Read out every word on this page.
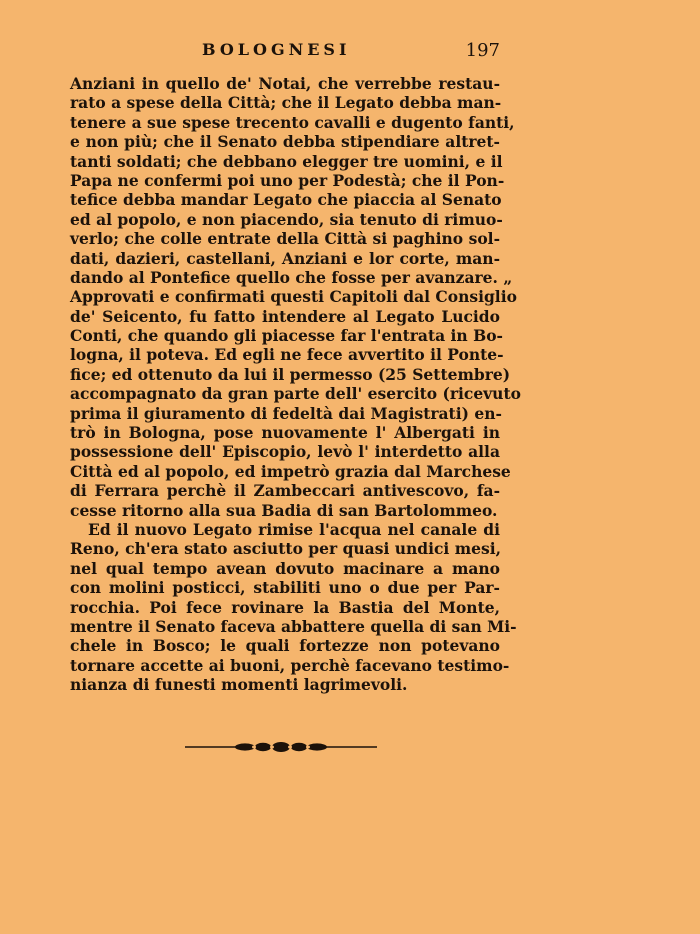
BOLOGNESI	197
Anziani in quello de' Notai, che verrebbe restau-
rato a spese della Città; che il Legato debba man-
tenere a sue spese trecento cavalli e dugento fanti,
e non più; che il Senato debba stipendiare altret-
tanti soldati; che debbano elegger tre uomini, e il
Papa ne confermi poi uno per Podestà; che il Pon-
tefice debba mandar Legato che piaccia al Senato
ed al popolo, e non piacendo, sia tenuto di rimuo-
verlo; che colle entrate della Città si paghino sol-
dati, dazieri, castellani, Anziani e lor corte, man-
dando al Pontefice quello che fosse per avanzare. „
Approvati e confirmati questi Capitoli dal Consiglio
de' Seicento, fu fatto intendere al Legato Lucido
Conti, che quando gli piacesse far l'entrata in Bo-
logna, il poteva. Ed egli ne fece avvertito il Ponte-
fice; ed ottenuto da lui il permesso (25 Settembre)
accompagnato da gran parte dell' esercito (ricevuto
prima il giuramento di fedeltà dai Magistrati) en-
trò in Bologna, pose nuovamente l' Albergati in
possessione dell' Episcopio, levò l' interdetto alla
Città ed al popolo, ed impetrò grazia dal Marchese
di Ferrara perchè il Zambeccari antivescovo, fa-
cesse ritorno alla sua Badia di san Bartolommeo.
Ed il nuovo Legato rimise l'acqua nel canale di
Reno, ch'era stato asciutto per quasi undici mesi,
nel qual tempo avean dovuto macinare a mano
con molini posticci, stabiliti uno o due per Par-
rocchia. Poi fece rovinare la Bastia del Monte,
mentre il Senato faceva abbattere quella di san Mi-
chele in Bosco; le quali fortezze non potevano
tornare accette ai buoni, perchè facevano testimo-
nianza di funesti momenti lagrimevoli.
